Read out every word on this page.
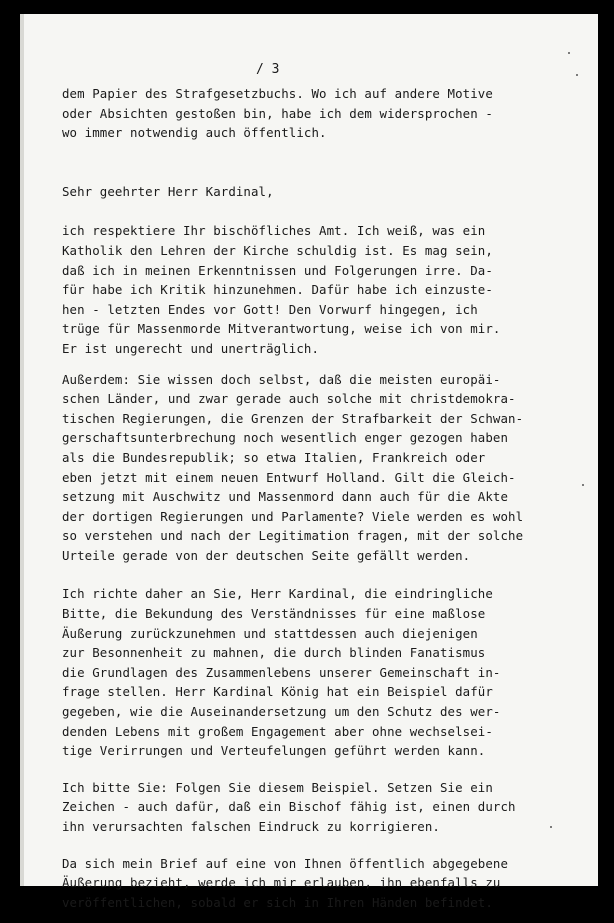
/ 3
dem Papier des Strafgesetzbuchs. Wo ich auf andere Motive
oder Absichten gestoßen bin, habe ich dem widersprochen -
wo immer notwendig auch öffentlich.
Sehr geehrter Herr Kardinal,
ich respektiere Ihr bischöfliches Amt. Ich weiß, was ein
Katholik den Lehren der Kirche schuldig ist. Es mag sein,
daß ich in meinen Erkenntnissen und Folgerungen irre. Da-
für habe ich Kritik hinzunehmen. Dafür habe ich einzuste-
hen - letzten Endes vor Gott! Den Vorwurf hingegen, ich
trüge für Massenmorde Mitverantwortung, weise ich von mir.
Er ist ungerecht und unerträglich.
Außerdem: Sie wissen doch selbst, daß die meisten europäi-
schen Länder, und zwar gerade auch solche mit christdemokra-
tischen Regierungen, die Grenzen der Strafbarkeit der Schwan-
gerschaftsunterbrechung noch wesentlich enger gezogen haben
als die Bundesrepublik; so etwa Italien, Frankreich oder
eben jetzt mit einem neuen Entwurf Holland. Gilt die Gleich-
setzung mit Auschwitz und Massenmord dann auch für die Akte
der dortigen Regierungen und Parlamente? Viele werden es wohl
so verstehen und nach der Legitimation fragen, mit der solche
Urteile gerade von der deutschen Seite gefällt werden.
Ich richte daher an Sie, Herr Kardinal, die eindringliche
Bitte, die Bekundung des Verständnisses für eine maßlose
Äußerung zurückzunehmen und stattdessen auch diejenigen
zur Besonnenheit zu mahnen, die durch blinden Fanatismus
die Grundlagen des Zusammenlebens unserer Gemeinschaft in-
frage stellen. Herr Kardinal König hat ein Beispiel dafür
gegeben, wie die Auseinandersetzung um den Schutz des wer-
denden Lebens mit großem Engagement aber ohne wechselsei-
tige Verirrungen und Verteufelungen geführt werden kann.
Ich bitte Sie: Folgen Sie diesem Beispiel. Setzen Sie ein
Zeichen - auch dafür, daß ein Bischof fähig ist, einen durch
ihn verursachten falschen Eindruck zu korrigieren.
Da sich mein Brief auf eine von Ihnen öffentlich abgegebene
Äußerung bezieht, werde ich mir erlauben, ihn ebenfalls zu
veröffentlichen, sobald er sich in Ihren Händen befindet.
